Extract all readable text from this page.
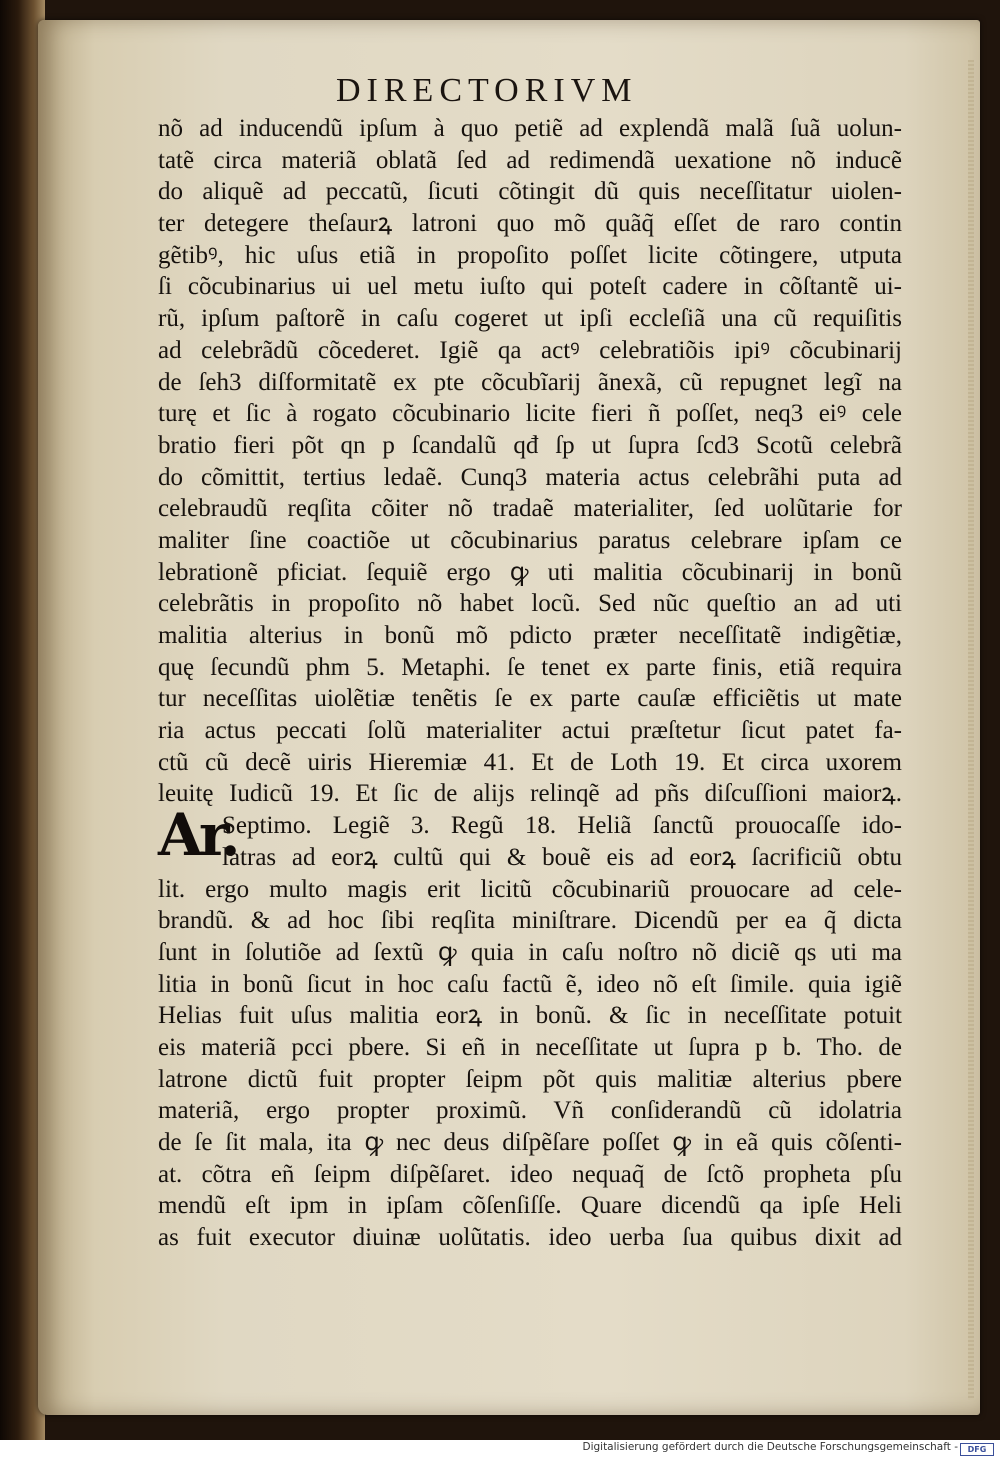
DIRECTORIVM
Ar.
nõ ad inducendũ ipſum à quo petiẽ ad explendã malã ſuã uolun-
tatẽ circa materiã oblatã ſed ad redimendã uexatione nõ inducẽ
do aliquẽ ad peccatũ, ſicuti cõtingit dũ quis neceſſitatur uiolen-
ter detegere theſaurꝝ latroni quo mõ quãq̃ eſſet de raro contin
gẽtibꝰ, hic uſus etiã in propoſito poſſet licite cõtingere, utputa
ſi cõcubinarius ui uel metu iuſto qui poteſt cadere in cõſtantẽ ui-
rũ, ipſum paſtorẽ in caſu cogeret ut ipſi eccleſiã una cũ requiſitis
ad celebrãdũ cõcederet. Igiẽ qa actꝰ celebratiõis ipiꝰ cõcubinarij
de ſeh3 diſformitatẽ ex pte cõcubĩarij ãnexã, cũ repugnet legĩ na
turę et ſic à rogato cõcubinario licite fieri ñ poſſet, neq3 eiꝰ cele
bratio fieri põt qn p ſcandalũ qđ ſp ut ſupra ſcd3 Scotũ celebrã
do cõmittit, tertius ledaẽ. Cunq3 materia actus celebrãhi puta ad
celebraudũ reqſita cõiter nõ tradaẽ materialiter, ſed uolũtarie for
maliter ſine coactiõe ut cõcubinarius paratus celebrare ipſam ce
lebrationẽ pficiat. ſequiẽ ergo ꝙ uti malitia cõcubinarij in bonũ
celebrãtis in propoſito nõ habet locũ. Sed nũc queſtio an ad uti
malitia alterius in bonũ mõ pdicto præter neceſſitatẽ indigẽtiæ,
quę ſecundũ phm 5. Metaphi. ſe tenet ex parte finis, etiã requira
tur neceſſitas uiolẽtiæ tenẽtis ſe ex parte cauſæ efficiẽtis ut mate
ria actus peccati ſolũ materialiter actui præſtetur ſicut patet fa-
ctũ cũ decẽ uiris Hieremiæ 41. Et de Loth 19. Et circa uxorem
leuitę Iudicũ 19. Et ſic de alijs relinqẽ ad pñs diſcuſſioni maiorꝝ.
Septimo. Legiẽ 3. Regũ 18. Heliã ſanctũ prouocaſſe ido-
latras ad eorꝝ cultũ qui & bouẽ eis ad eorꝝ ſacrificiũ obtu
lit. ergo multo magis erit licitũ cõcubinariũ prouocare ad cele-
brandũ. & ad hoc ſibi reqſita miniſtrare. Dicendũ per ea q̃ dicta
ſunt in ſolutiõe ad ſextũ ꝙ quia in caſu noſtro nõ diciẽ qs uti ma
litia in bonũ ſicut in hoc caſu factũ ẽ, ideo nõ eſt ſimile. quia igiẽ
Helias fuit uſus malitia eorꝝ in bonũ. & ſic in neceſſitate potuit
eis materiã pcci pbere. Si eñ in neceſſitate ut ſupra p b. Tho. de
latrone dictũ fuit propter ſeipm põt quis malitiæ alterius pbere
materiã, ergo propter proximũ. Vñ conſiderandũ cũ idolatria
de ſe ſit mala, ita ꝙ nec deus diſpẽſare poſſet ꝙ in eã quis cõſenti-
at. cõtra eñ ſeipm diſpẽſaret. ideo nequaq̃ de ſctõ propheta pſu
mendũ eſt ipm in ipſam cõſenſiſſe. Quare dicendũ qa ipſe Heli
as fuit executor diuinæ uolũtatis. ideo uerba ſua quibus dixit ad
Digitalisierung gefördert durch die Deutsche Forschungsgemeinschaft -	DFG
